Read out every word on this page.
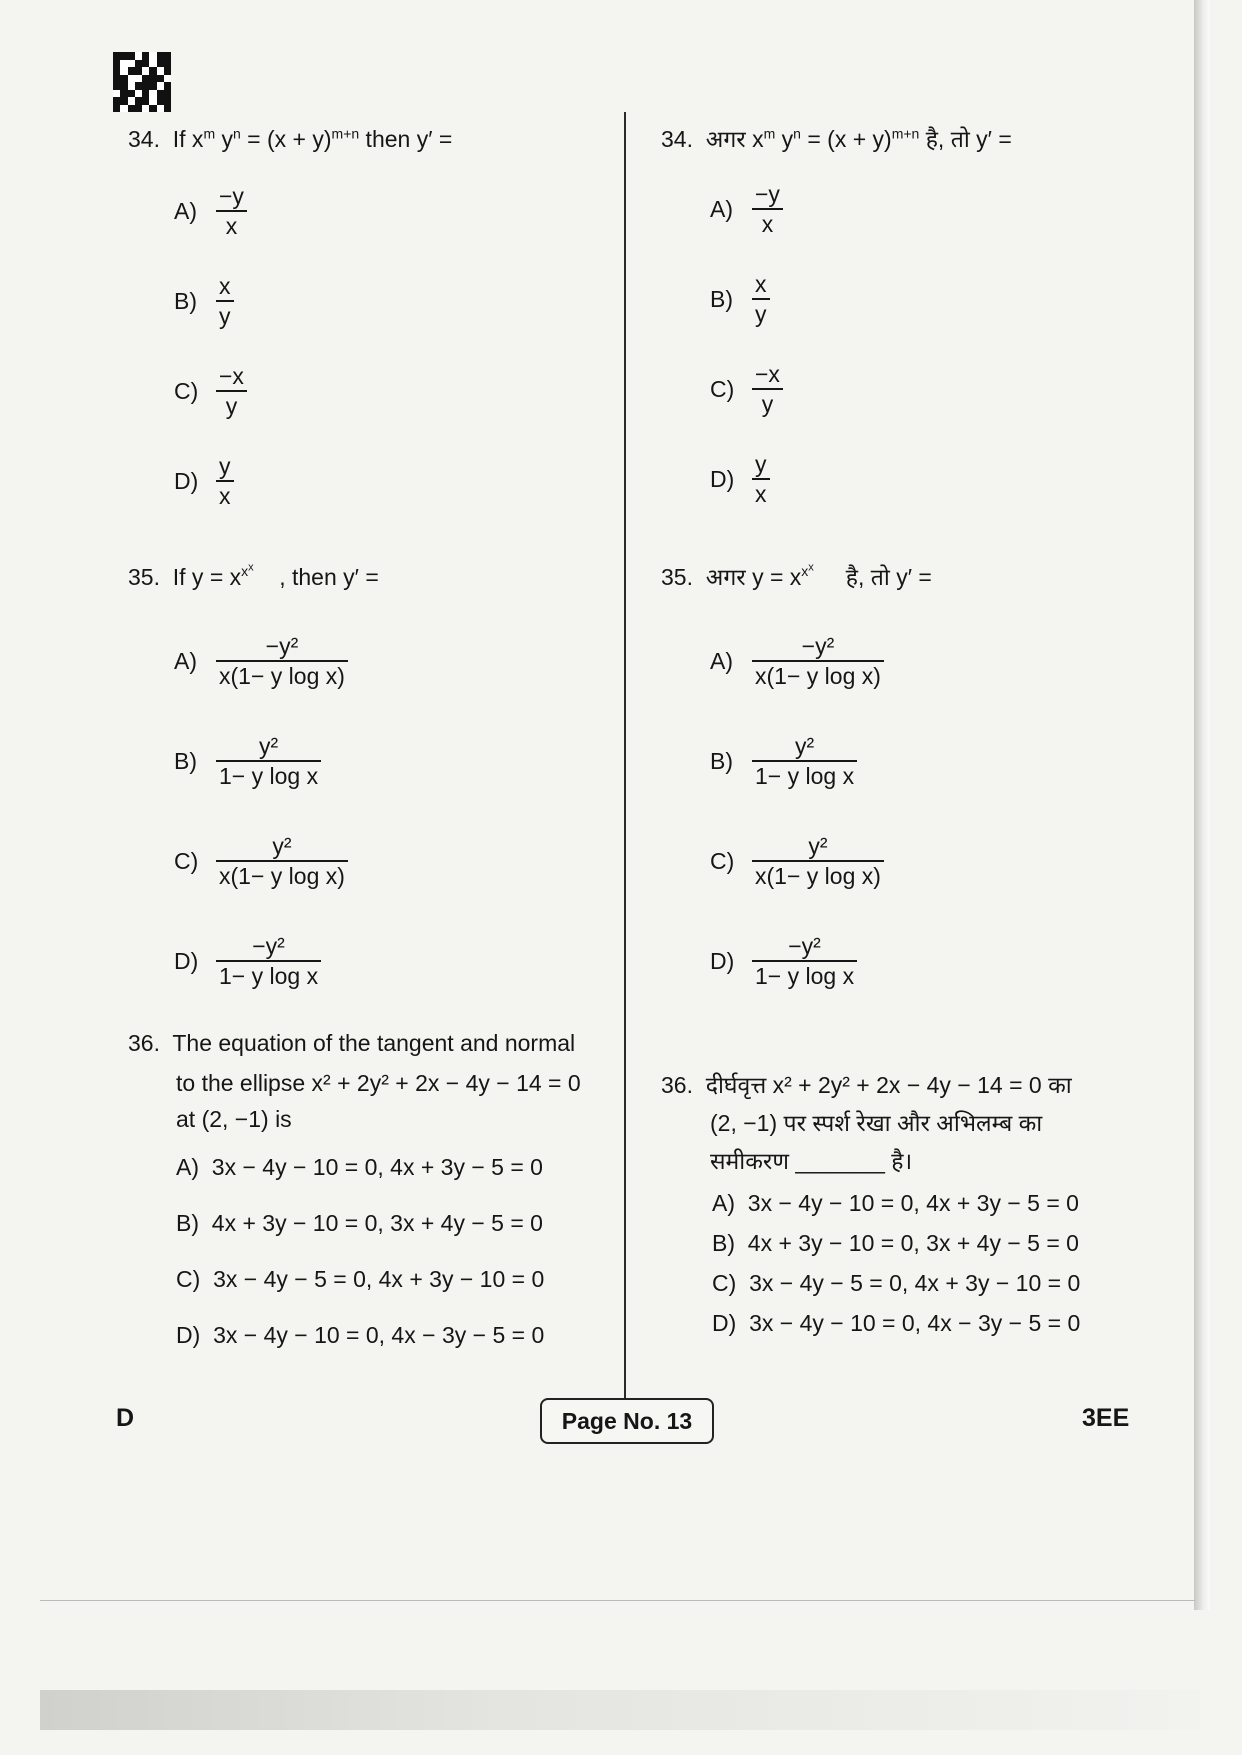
34. If $x^m$ $y^n = (x + y)^{m+n}$ then y′ =
$A) \frac{-y}{x}$
$B) \frac{x}{y}$
$C) \frac{-x}{y}$
$D) \frac{y}{x}$
35. If $y = x^{x^x}$ , then y′ =
$A) \frac{\text{−y²}}{\text{x(1− y log x)}}$
$B) \frac{\text{y²}}{\text{1− y log x}}$
$C) \frac{\text{y²}}{\text{x(1− y log x)}}$
$D) \frac{\text{−y²}}{\text{1− y log x}}$
36. The equation of the tangent and normal
to the ellipse x² + 2y² + 2x − 4y − 14 = 0
at (2, −1) is
A) 3x − 4y − 10 = 0, 4x + 3y − 5 = 0
B) 4x + 3y − 10 = 0, 3x + 4y − 5 = 0
C) 3x − 4y − 5 = 0, 4x + 3y − 10 = 0
D) 3x − 4y − 10 = 0, 4x − 3y − 5 = 0
34. अगर $x^m$ $y^n = (x + y)^{m+n}$ है, तो y′ =
$A) \frac{-y}{x}$
$B) \frac{x}{y}$
$C) \frac{-x}{y}$
$D) \frac{y}{x}$
35. अगर $y = x^{x^x}$     है, तो y′ =
$A) \frac{\text{−y²}}{\text{x(1− y log x)}}$
$B) \frac{\text{y²}}{\text{1− y log x}}$
$C) \frac{\text{y²}}{\text{x(1− y log x)}}$
$D) \frac{\text{−y²}}{\text{1− y log x}}$
36. दीर्घवृत्त x² + 2y² + 2x − 4y − 14 = 0 का
(2, −1) पर स्पर्श रेखा और अभिलम्ब का
समीकरण _______ है।
A) 3x − 4y − 10 = 0, 4x + 3y − 5 = 0
B) 4x + 3y − 10 = 0, 3x + 4y − 5 = 0
C) 3x − 4y − 5 = 0, 4x + 3y − 10 = 0
D) 3x − 4y − 10 = 0, 4x − 3y − 5 = 0
D	Page No. 13	3EE
